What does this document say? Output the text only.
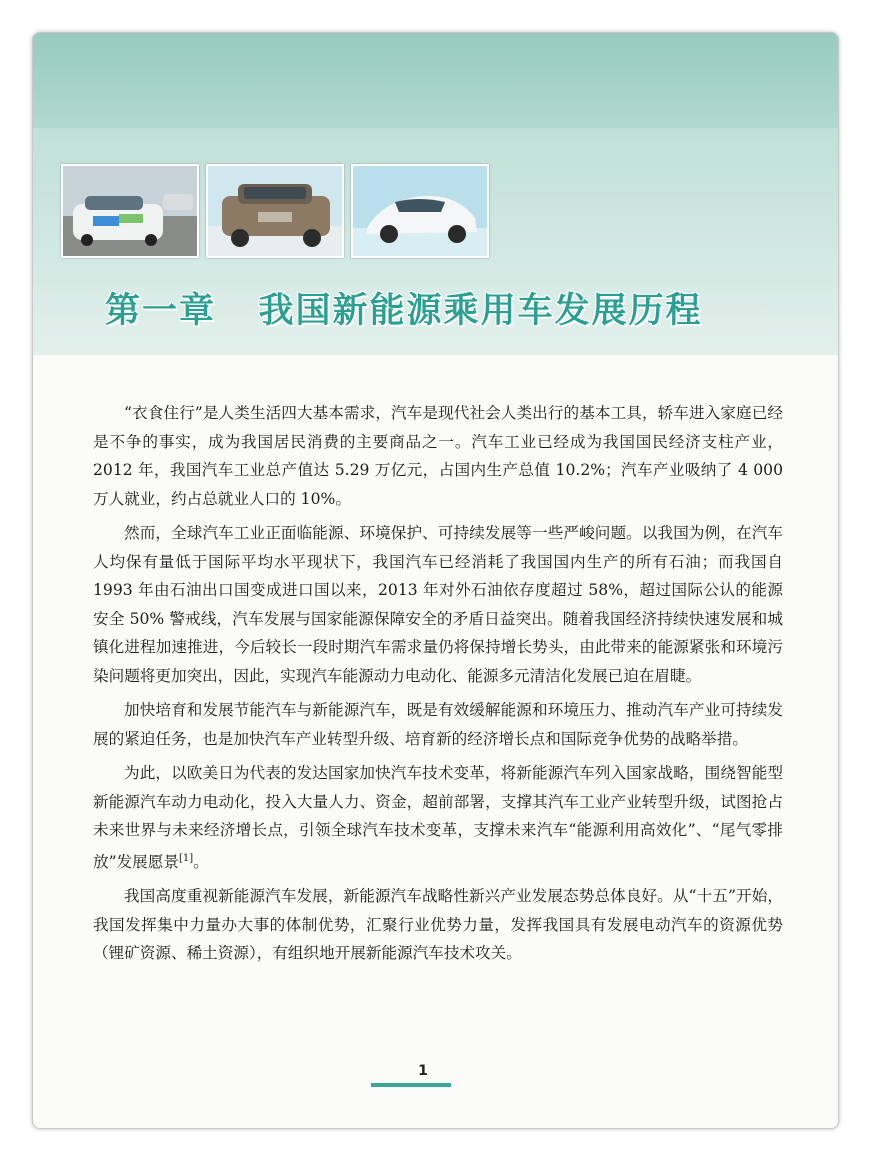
第一章   我国新能源乘用车发展历程

“衣食住行”是人类生活四大基本需求，汽车是现代社会人类出行的基本工具，轿车进入家庭已经是不争的事实，成为我国居民消费的主要商品之一。汽车工业已经成为我国国民经济支柱产业，2012 年，我国汽车工业总产值达 5.29 万亿元，占国内生产总值 10.2%；汽车产业吸纳了 4 000 万人就业，约占总就业人口的 10%。

然而，全球汽车工业正面临能源、环境保护、可持续发展等一些严峻问题。以我国为例，在汽车人均保有量低于国际平均水平现状下，我国汽车已经消耗了我国国内生产的所有石油；而我国自 1993 年由石油出口国变成进口国以来，2013 年对外石油依存度超过 58%，超过国际公认的能源安全 50% 警戒线，汽车发展与国家能源保障安全的矛盾日益突出。随着我国经济持续快速发展和城镇化进程加速推进，今后较长一段时期汽车需求量仍将保持增长势头，由此带来的能源紧张和环境污染问题将更加突出，因此，实现汽车能源动力电动化、能源多元清洁化发展已迫在眉睫。

加快培育和发展节能汽车与新能源汽车，既是有效缓解能源和环境压力、推动汽车产业可持续发展的紧迫任务，也是加快汽车产业转型升级、培育新的经济增长点和国际竞争优势的战略举措。

为此，以欧美日为代表的发达国家加快汽车技术变革，将新能源汽车列入国家战略，围绕智能型新能源汽车动力电动化，投入大量人力、资金，超前部署，支撑其汽车工业产业转型升级，试图抢占未来世界与未来经济增长点，引领全球汽车技术变革，支撑未来汽车“能源利用高效化”、“尾气零排放”发展愿景[1]。

我国高度重视新能源汽车发展，新能源汽车战略性新兴产业发展态势总体良好。从“十五”开始，我国发挥集中力量办大事的体制优势，汇聚行业优势力量，发挥我国具有发展电动汽车的资源优势（锂矿资源、稀土资源），有组织地开展新能源汽车技术攻关。

1
